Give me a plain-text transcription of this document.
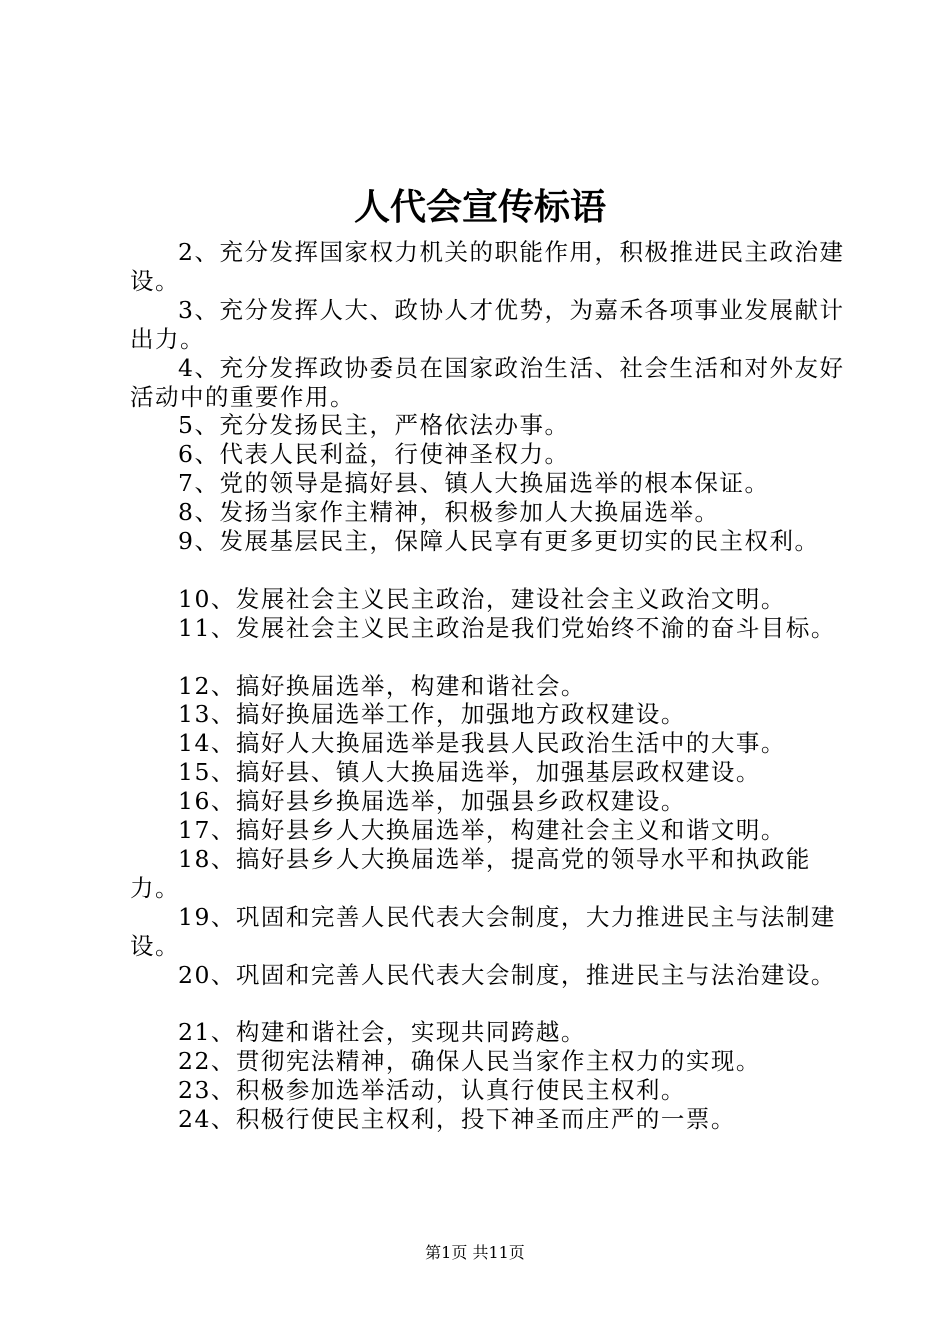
人代会宣传标语

2、充分发挥国家权力机关的职能作用，积极推进民主政治建设。

3、充分发挥人大、政协人才优势，为嘉禾各项事业发展献计出力。

4、充分发挥政协委员在国家政治生活、社会生活和对外友好活动中的重要作用。

5、充分发扬民主，严格依法办事。

6、代表人民利益，行使神圣权力。

7、党的领导是搞好县、镇人大换届选举的根本保证。

8、发扬当家作主精神，积极参加人大换届选举。

9、发展基层民主，保障人民享有更多更切实的民主权利。

10、发展社会主义民主政治，建设社会主义政治文明。

11、发展社会主义民主政治是我们党始终不渝的奋斗目标。

12、搞好换届选举，构建和谐社会。

13、搞好换届选举工作，加强地方政权建设。

14、搞好人大换届选举是我县人民政治生活中的大事。

15、搞好县、镇人大换届选举，加强基层政权建设。

16、搞好县乡换届选举，加强县乡政权建设。

17、搞好县乡人大换届选举，构建社会主义和谐文明。

18、搞好县乡人大换届选举，提高党的领导水平和执政能力。

19、巩固和完善人民代表大会制度，大力推进民主与法制建设。

20、巩固和完善人民代表大会制度，推进民主与法治建设。

21、构建和谐社会，实现共同跨越。

22、贯彻宪法精神，确保人民当家作主权力的实现。

23、积极参加选举活动，认真行使民主权利。

24、积极行使民主权利，投下神圣而庄严的一票。

第1页 共11页
